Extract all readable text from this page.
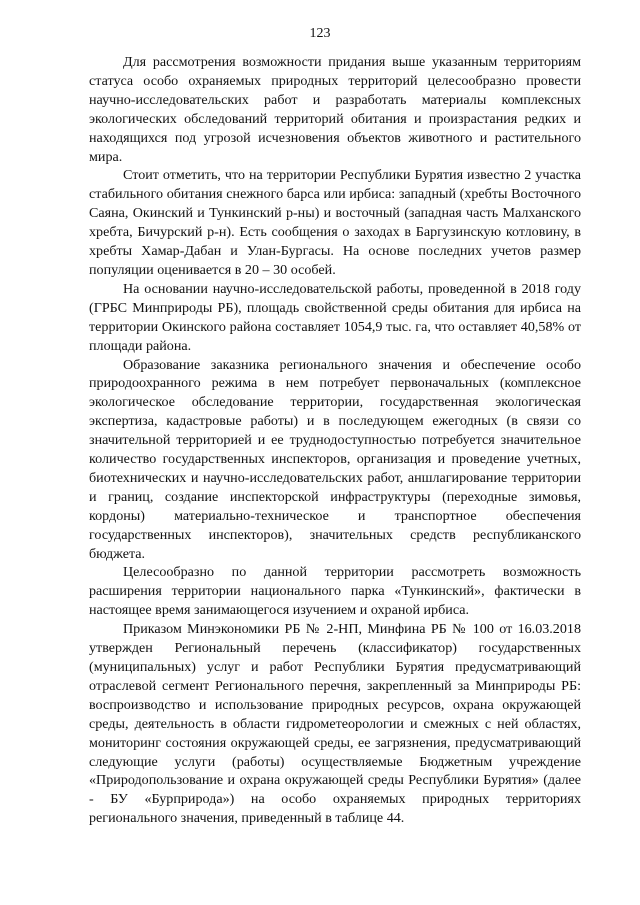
123

Для рассмотрения возможности придания выше указанным территориям статуса особо охраняемых природных территорий целесообразно провести научно-исследовательских работ и разработать материалы комплексных экологических обследований территорий обитания и произрастания редких и находящихся под угрозой исчезновения объектов животного и растительного мира.

Стоит отметить, что на территории Республики Бурятия известно 2 участка стабильного обитания снежного барса или ирбиса: западный (хребты Восточного Саяна, Окинский и Тункинский р-ны) и восточный (западная часть Малханского хребта, Бичурский р-н). Есть сообщения о заходах в Баргузинскую котловину, в хребты Хамар-Дабан и Улан-Бургасы. На основе последних учетов размер популяции оценивается в 20 – 30 особей.

На основании научно-исследовательской работы, проведенной в 2018 году (ГРБС Минприроды РБ), площадь свойственной среды обитания для ирбиса на территории Окинского района составляет 1054,9 тыс. га, что оставляет 40,58% от площади района.

Образование заказника регионального значения и обеспечение особо природоохранного режима в нем потребует первоначальных (комплексное экологическое обследование территории, государственная экологическая экспертиза, кадастровые работы) и в последующем ежегодных (в связи со значительной территорией и ее труднодоступностью потребуется значительное количество государственных инспекторов, организация и проведение учетных, биотехнических и научно-исследовательских работ, аншлагирование территории и границ, создание инспекторской инфраструктуры (переходные зимовья, кордоны) материально-техническое и транспортное обеспечения государственных инспекторов), значительных средств республиканского бюджета.

Целесообразно по данной территории рассмотреть возможность расширения территории национального парка «Тункинский», фактически в настоящее время занимающегося изучением и охраной ирбиса.

Приказом Минэкономики РБ № 2-НП, Минфина РБ № 100 от 16.03.2018 утвержден Региональный перечень (классификатор) государственных (муниципальных) услуг и работ Республики Бурятия предусматривающий отраслевой сегмент Регионального перечня, закрепленный за Минприроды РБ: воспроизводство и использование природных ресурсов, охрана окружающей среды, деятельность в области гидрометеорологии и смежных с ней областях, мониторинг состояния окружающей среды, ее загрязнения, предусматривающий следующие услуги (работы) осуществляемые Бюджетным учреждение «Природопользование и охрана окружающей среды Республики Бурятия» (далее - БУ «Бурприрода») на особо охраняемых природных территориях регионального значения, приведенный в таблице 44.
